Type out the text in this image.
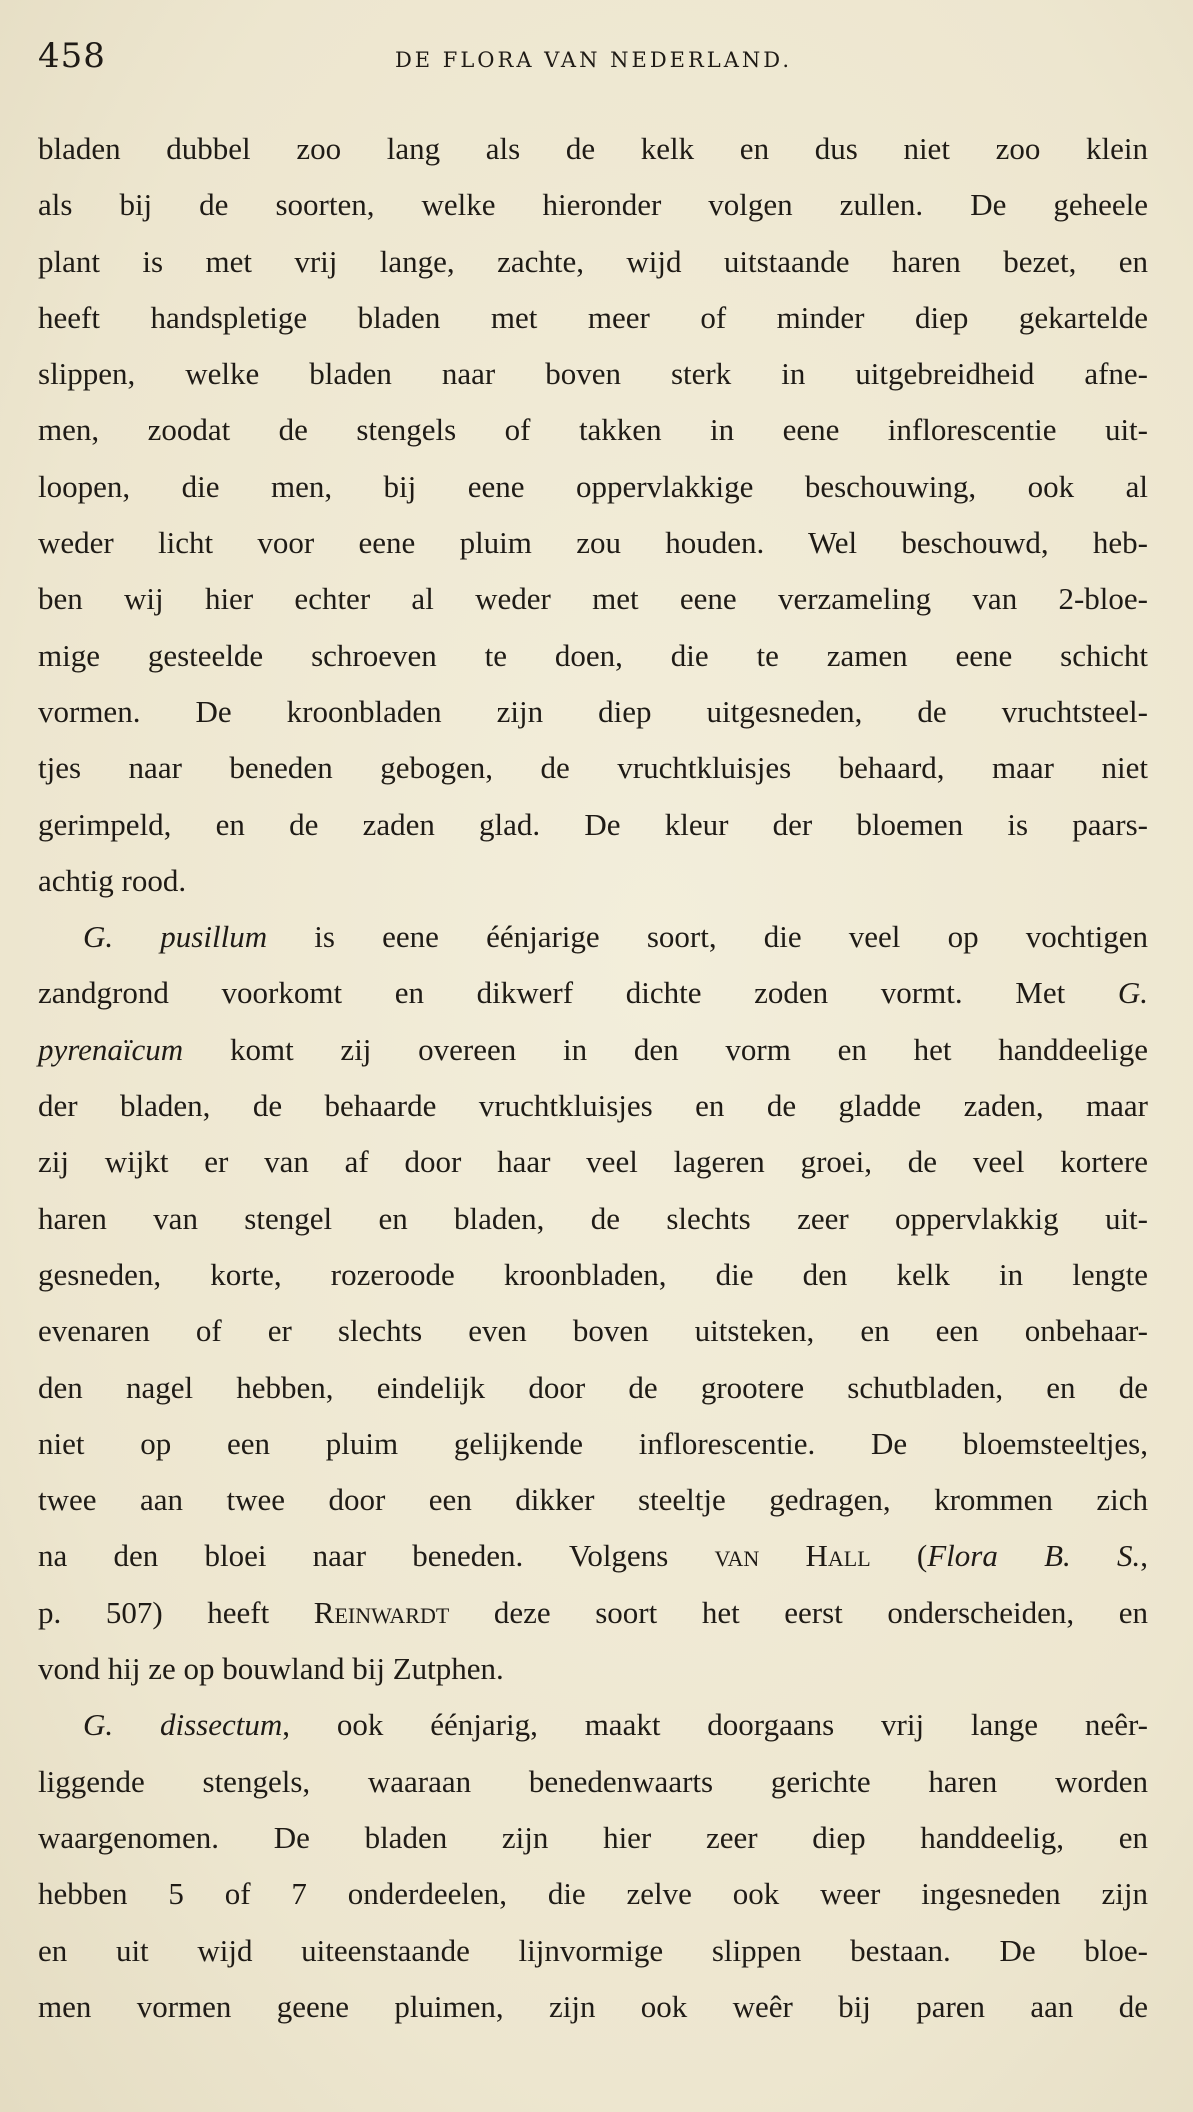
458	DE FLORA VAN NEDERLAND.
bladen dubbel zoo lang als de kelk en dus niet zoo klein
als bij de soorten, welke hieronder volgen zullen. De geheele
plant is met vrij lange, zachte, wijd uitstaande haren bezet, en
heeft handspletige bladen met meer of minder diep gekartelde
slippen, welke bladen naar boven sterk in uitgebreidheid afne-
men, zoodat de stengels of takken in eene inflorescentie uit-
loopen, die men, bij eene oppervlakkige beschouwing, ook al
weder licht voor eene pluim zou houden. Wel beschouwd, heb-
ben wij hier echter al weder met eene verzameling van 2-bloe-
mige gesteelde schroeven te doen, die te zamen eene schicht
vormen. De kroonbladen zijn diep uitgesneden, de vruchtsteel-
tjes naar beneden gebogen, de vruchtkluisjes behaard, maar niet
gerimpeld, en de zaden glad. De kleur der bloemen is paars-
achtig rood.
G. pusillum is eene éénjarige soort, die veel op vochtigen
zandgrond voorkomt en dikwerf dichte zoden vormt. Met G.
pyrenaïcum komt zij overeen in den vorm en het handdeelige
der bladen, de behaarde vruchtkluisjes en de gladde zaden, maar
zij wijkt er van af door haar veel lageren groei, de veel kortere
haren van stengel en bladen, de slechts zeer oppervlakkig uit-
gesneden, korte, rozeroode kroonbladen, die den kelk in lengte
evenaren of er slechts even boven uitsteken, en een onbehaar-
den nagel hebben, eindelijk door de grootere schutbladen, en de
niet op een pluim gelijkende inflorescentie. De bloemsteeltjes,
twee aan twee door een dikker steeltje gedragen, krommen zich
na den bloei naar beneden. Volgens van Hall (Flora B. S.,
p. 507) heeft Reinwardt deze soort het eerst onderscheiden, en
vond hij ze op bouwland bij Zutphen.
G. dissectum, ook éénjarig, maakt doorgaans vrij lange neêr-
liggende stengels, waaraan benedenwaarts gerichte haren worden
waargenomen. De bladen zijn hier zeer diep handdeelig, en
hebben 5 of 7 onderdeelen, die zelve ook weer ingesneden zijn
en uit wijd uiteenstaande lijnvormige slippen bestaan. De bloe-
men vormen geene pluimen, zijn ook weêr bij paren aan de
